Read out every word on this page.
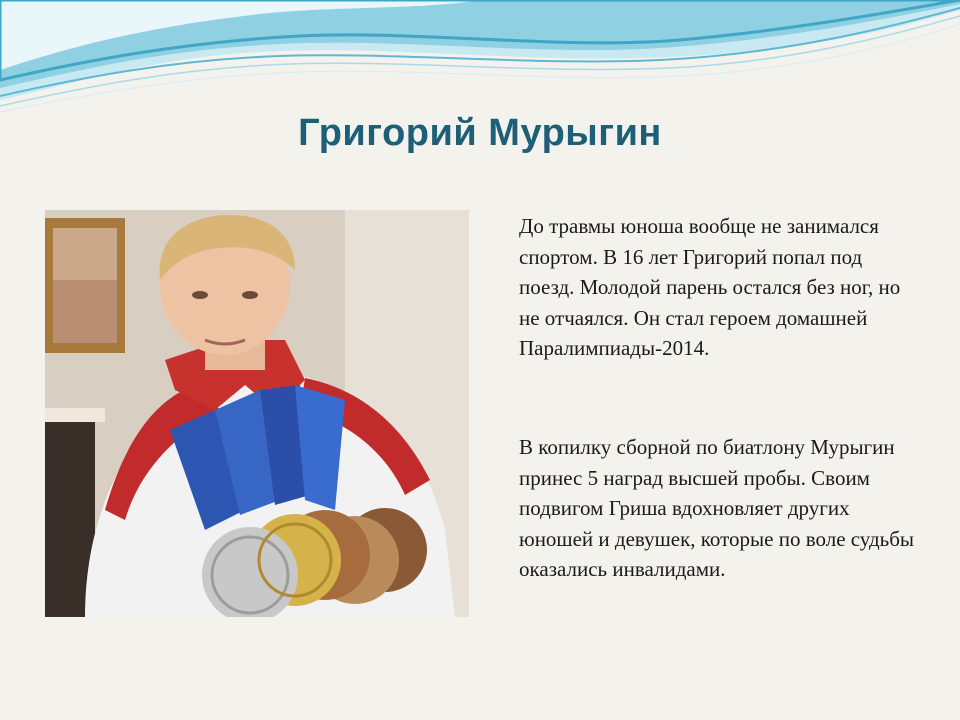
Григорий Мурыгин
До травмы юноша вообще не занимался спортом. В 16 лет Григорий попал под поезд. Молодой парень остался без ног, но не отчаялся. Он стал героем домашней Паралимпиады-2014.
В копилку сборной по биатлону Мурыгин принес 5 наград высшей пробы. Своим подвигом Гриша вдохновляет других юношей и девушек, которые по воле судьбы оказались инвалидами.
